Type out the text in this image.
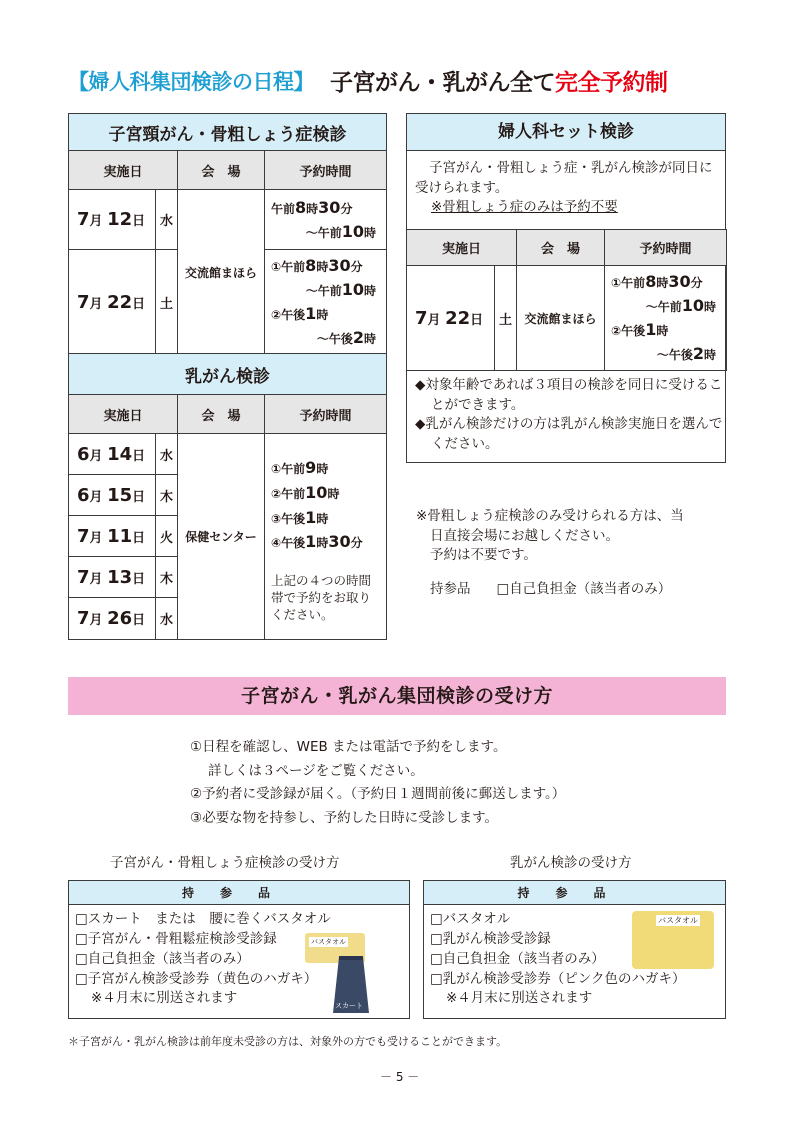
【婦人科集団検診の日程】 子宮がん・乳がん全て完全予約制
子宮頸がん・骨粗しょう症検診			
実施日		会　場	予約時間
7月 12日	水	交流館まほら	午前8時30分
〜午前10時

7月 22日	土		①午前8時30分
〜午前10時
②午後1時
〜午後2時
乳がん検診			
実施日		会　場	予約時間
6月 14日	水	保健センター	①午前9時
②午前10時
③午後1時
④午後1時30分
上記の４つの時間帯で予約をお取りください。

6月 15日	木		
7月 11日	火		
7月 13日	木		
7月 26日	水		
婦人科セット検診
子宮がん・骨粗しょう症・乳がん検診が同日に受けられます。
※骨粗しょう症のみは予約不要
実施日		会　場	予約時間
7月 22日	土	交流館まほら	①午前8時30分
〜午前10時
②午後1時
〜午後2時
◆対象年齢であれば３項目の検診を同日に受けることができます。
◆乳がん検診だけの方は乳がん検診実施日を選んでください。
※骨粗しょう症検診のみ受けられる方は、当
日直接会場にお越しください。
予約は不要です。
持参品 □自己負担金（該当者のみ）
子宮がん・乳がん集団検診の受け方
①日程を確認し、WEB または電話で予約をします。
詳しくは３ページをご覧ください。
②予約者に受診録が届く。（予約日１週間前後に郵送します。）
③必要な物を持参し、予約した日時に受診します。
子宮がん・骨粗しょう症検診の受け方	乳がん検診の受け方
持参品
□スカート　または　腰に巻くバスタオル
□子宮がん・骨粗鬆症検診受診録
□自己負担金（該当者のみ）
□子宮がん検診受診券（黄色のハガキ）
※４月末に別送されます
バスタオル
スカート
持参品
□バスタオル
□乳がん検診受診録
□自己負担金（該当者のみ）
□乳がん検診受診券（ピンク色のハガキ）
※４月末に別送されます
バスタオル
＊子宮がん・乳がん検診は前年度未受診の方は、対象外の方でも受けることができます。
－ 5 －
